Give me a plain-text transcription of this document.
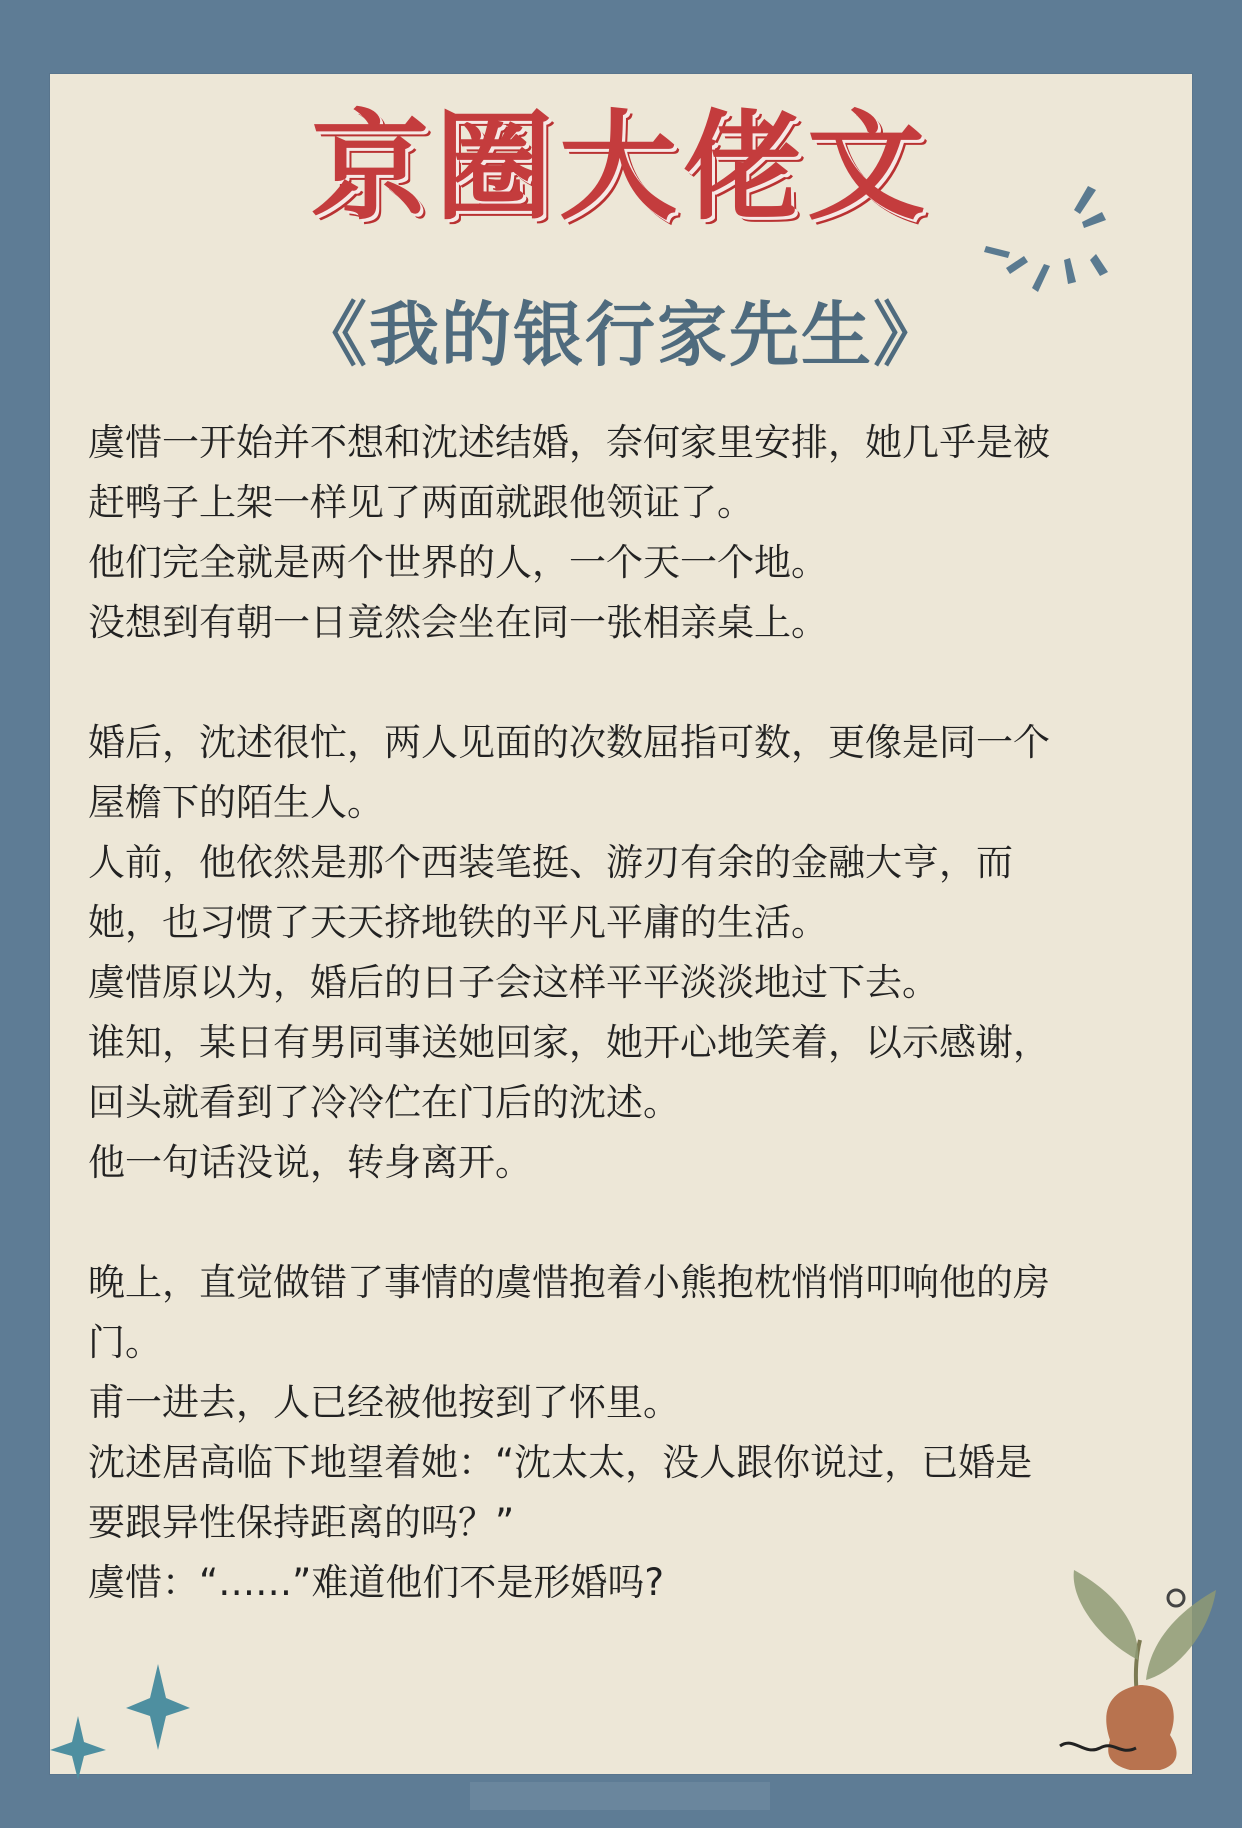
京圈大佬文
《我的银行家先生》

虞惜一开始并不想和沈述结婚，奈何家里安排，她几乎是被

赶鸭子上架一样见了两面就跟他领证了。

他们完全就是两个世界的人，一个天一个地。

没想到有朝一日竟然会坐在同一张相亲桌上。

婚后，沈述很忙，两人见面的次数屈指可数，更像是同一个

屋檐下的陌生人。

人前，他依然是那个西装笔挺、游刃有余的金融大亨，而

她，也习惯了天天挤地铁的平凡平庸的生活。

虞惜原以为，婚后的日子会这样平平淡淡地过下去。

谁知，某日有男同事送她回家，她开心地笑着，以示感谢，

回头就看到了冷冷伫在门后的沈述。

他一句话没说，转身离开。

晚上，直觉做错了事情的虞惜抱着小熊抱枕悄悄叩响他的房

门。

甫一进去，人已经被他按到了怀里。

沈述居高临下地望着她：“沈太太，没人跟你说过，已婚是

要跟异性保持距离的吗？”

虞惜：“……”难道他们不是形婚吗?
